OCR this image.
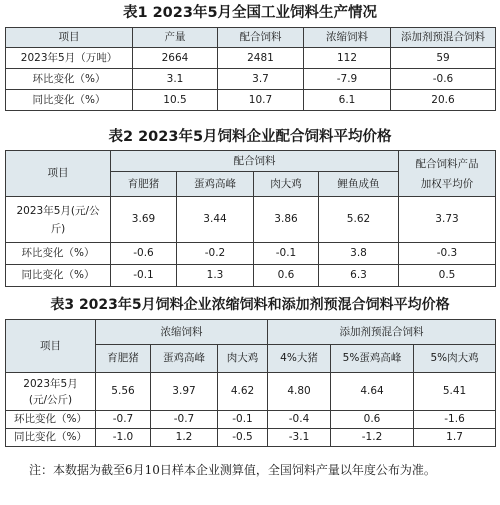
表1 2023年5月全国工业饲料生产情况
项目	产量	配合饲料	浓缩饲料	添加剂预混合饲料
2023年5月（万吨）	2664	2481	112	59
环比变化（%）	3.1	3.7	-7.9	-0.6
同比变化（%）	10.5	10.7	6.1	20.6
表2 2023年5月饲料企业配合饲料平均价格
项目	配合饲料				配合饲料产品加权平均价
	育肥猪	蛋鸡高峰	肉大鸡	鲤鱼成鱼	
2023年5月(元/公斤)	3.69	3.44	3.86	5.62	3.73
环比变化（%）	-0.6	-0.2	-0.1	3.8	-0.3
同比变化（%）	-0.1	1.3	0.6	6.3	0.5
表3 2023年5月饲料企业浓缩饲料和添加剂预混合饲料平均价格
项目	浓缩饲料			添加剂预混合饲料		
	育肥猪	蛋鸡高峰	肉大鸡	4%大猪	5%蛋鸡高峰	5%肉大鸡
2023年5月(元/公斤)	5.56	3.97	4.62	4.80	4.64	5.41
环比变化（%）	-0.7	-0.7	-0.1	-0.4	0.6	-1.6
同比变化（%）	-1.0	1.2	-0.5	-3.1	-1.2	1.7
注：本数据为截至6月10日样本企业测算值，全国饲料产量以年度公布为准。
